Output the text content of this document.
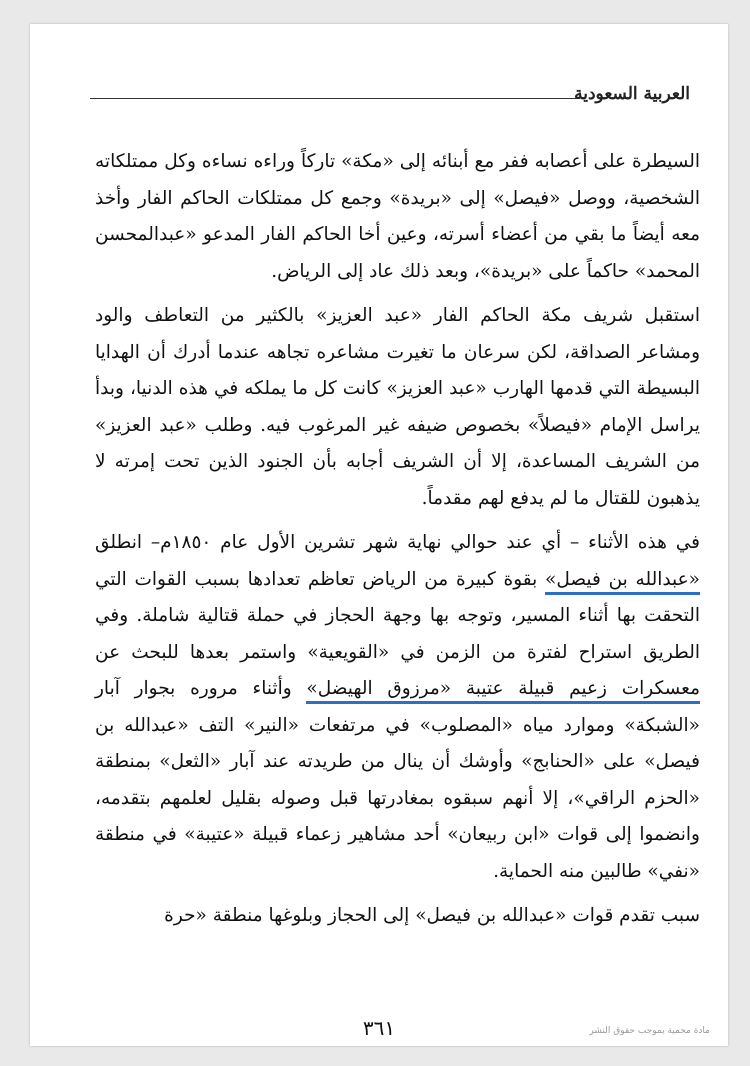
العربية السعودية

السيطرة على أعصابه ففر مع أبنائه إلى «مكة» تاركاً وراءه نساءه وكل ممتلكاته الشخصية، ووصل «فيصل» إلى «بريدة» وجمع كل ممتلكات الحاكم الفار وأخذ معه أيضاً ما بقي من أعضاء أسرته، وعين أخا الحاكم الفار المدعو «عبدالمحسن المحمد» حاكماً على «بريدة»، وبعد ذلك عاد إلى الرياض.

استقبل شريف مكة الحاكم الفار «عبد العزيز» بالكثير من التعاطف والود ومشاعر الصداقة، لكن سرعان ما تغيرت مشاعره تجاهه عندما أدرك أن الهدايا البسيطة التي قدمها الهارب «عبد العزيز» كانت كل ما يملكه في هذه الدنيا، وبدأ يراسل الإمام «فيصلاً» بخصوص ضيفه غير المرغوب فيه. وطلب «عبد العزيز» من الشريف المساعدة، إلا أن الشريف أجابه بأن الجنود الذين تحت إمرته لا يذهبون للقتال ما لم يدفع لهم مقدماً.

في هذه الأثناء – أي عند حوالي نهاية شهر تشرين الأول عام ١٨٥٠م– انطلق «عبدالله بن فيصل» بقوة كبيرة من الرياض تعاظم تعدادها بسبب القوات التي التحقت بها أثناء المسير، وتوجه بها وجهة الحجاز في حملة قتالية شاملة. وفي الطريق استراح لفترة من الزمن في «القويعية» واستمر بعدها للبحث عن معسكرات زعيم قبيلة عتيبة «مرزوق الهيضل» وأثناء مروره بجوار آبار «الشبكة» وموارد مياه «المصلوب» في مرتفعات «النير» التف «عبدالله بن فيصل» على «الحنابج» وأوشك أن ينال من طريدته عند آبار «الثعل» بمنطقة «الحزم الراقي»، إلا أنهم سبقوه بمغادرتها قبل وصوله بقليل لعلمهم بتقدمه، وانضموا إلى قوات «ابن ربيعان» أحد مشاهير زعماء قبيلة «عتيبة» في منطقة «نفي» طالبين منه الحماية.

سبب تقدم قوات «عبدالله بن فيصل» إلى الحجاز وبلوغها منطقة «حرة

٣٦١	مادة محمية بموجب حقوق النشر
